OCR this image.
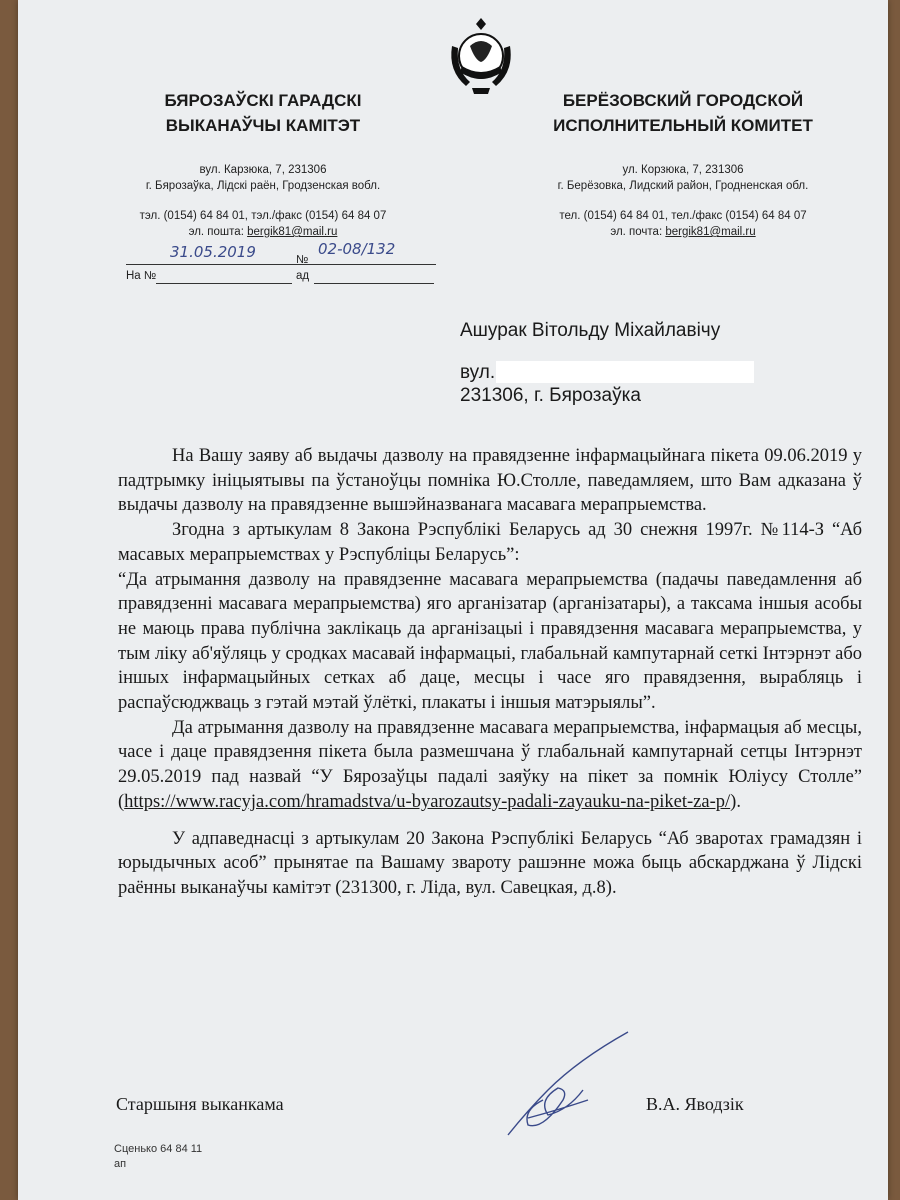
БЯРОЗАЎСКІ ГАРАДСКІ
ВЫКАНАЎЧЫ КАМІТЭТ
вул. Карзюка, 7, 231306
г. Бярозаўка, Лідскі раён, Гродзенская вобл.
тэл. (0154) 64 84 01, тэл./факс (0154) 64 84 07
эл. пошта: bergik81@mail.ru
БЕРЁЗОВСКИЙ ГОРОДСКОЙ
ИСПОЛНИТЕЛЬНЫЙ КОМИТЕТ
ул. Корзюка, 7, 231306
г. Берёзовка, Лидский район, Гродненская обл.
тел. (0154) 64 84 01, тел./факс (0154) 64 84 07
эл. почта: bergik81@mail.ru
31.05.2019	№
02-08/132
На №	ад
Ашурак Вітольду Міхайлавічу
вул.
231306, г. Бярозаўка

На Вашу заяву аб выдачы дазволу на правядзенне інфармацыйнага пікета 09.06.2019 у падтрымку ініцыятывы па ўстаноўцы помніка Ю.Столле, паведамляем, што Вам адказана ў выдачы дазволу на правядзенне вышэйназванага масавага мерапрыемства.

Згодна з артыкулам 8 Закона Рэспублікі Беларусь ад 30 снежня 1997г. №114-З “Аб масавых мерапрыемствах у Рэспубліцы Беларусь”:

“Да атрымання дазволу на правядзенне масавага мерапрыемства (падачы паведамлення аб правядзенні масавага мерапрыемства) яго арганізатар (арганізатары), а таксама іншыя асобы не маюць права публічна заклікаць да арганізацыі і правядзення масавага мерапрыемства, у тым ліку аб'яўляць у сродках масавай інфармацыі, глабальнай кампутарнай сеткі Інтэрнэт або іншых інфармацыйных сетках аб даце, месцы і часе яго правядзення, вырабляць і распаўсюджваць з гэтай мэтай ўлёткі, плакаты і іншыя матэрыялы”.

Да атрымання дазволу на правядзенне масавага мерапрыемства, інфармацыя аб месцы, часе і даце правядзення пікета была размешчана ў глабальнай кампутарнай сетцы Інтэрнэт 29.05.2019 пад назвай “У Бярозаўцы падалі заяўку на пікет за помнік Юліусу Столле” (https://www.racyja.com/hramadstva/u-byarozautsy-padali-zayauku-na-piket-za-p/).

У адпаведнасці з артыкулам 20 Закона Рэспублікі Беларусь “Аб зваротах грамадзян і юрыдычных асоб” прынятае па Вашаму звароту рашэнне можа быць абскарджана ў Лідскі раённы выканаўчы камітэт (231300, г. Ліда, вул. Савецкая, д.8).

Старшыня выканкама	В.А. Яводзік
Сценько 64 84 11
ап
